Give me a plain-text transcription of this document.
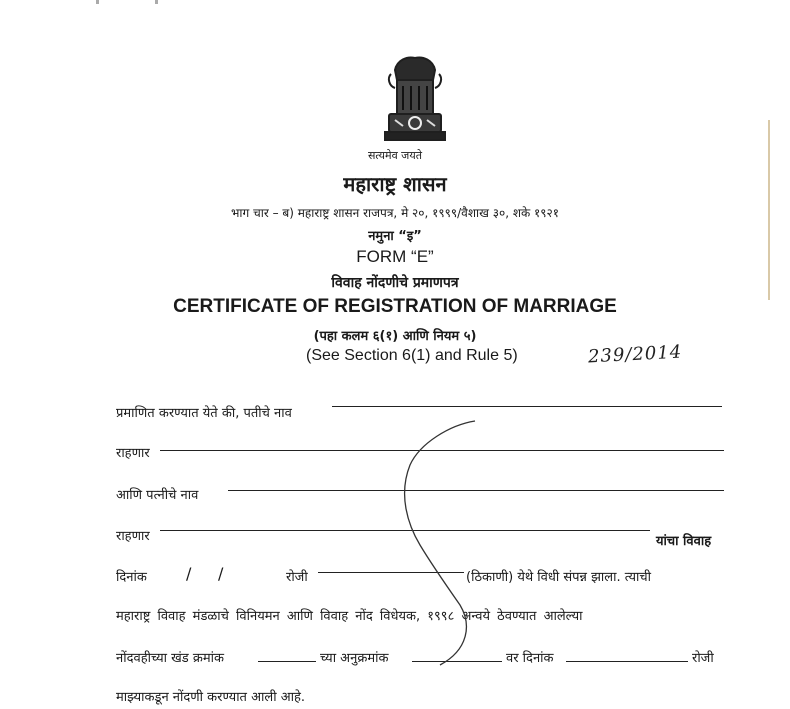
सत्यमेव जयते
महाराष्ट्र शासन
भाग चार – ब) महाराष्ट्र शासन राजपत्र, मे २०, १९९९/वैशाख ३०, शके १९२१
नमुना “इ”
FORM “E”
विवाह नोंदणीचे प्रमाणपत्र
CERTIFICATE OF REGISTRATION OF MARRIAGE
(पहा कलम ६(१) आणि नियम ५)
(See Section 6(1) and Rule 5)	239/2014
प्रमाणित करण्यात येते की, पतीचे नाव
राहणार
आणि पत्नीचे नाव
राहणार	यांचा विवाह
दिनांक / /	रोजी	(ठिकाणी) येथे विधी संपन्न झाला. त्याची
महाराष्ट्र विवाह मंडळाचे विनियमन आणि विवाह नोंद विधेयक, १९९८ अन्वये ठेवण्यात आलेल्या
नोंदवहीच्या खंड क्रमांक	च्या अनुक्रमांक	वर दिनांक	रोजी
माझ्याकडून नोंदणी करण्यात आली आहे.
